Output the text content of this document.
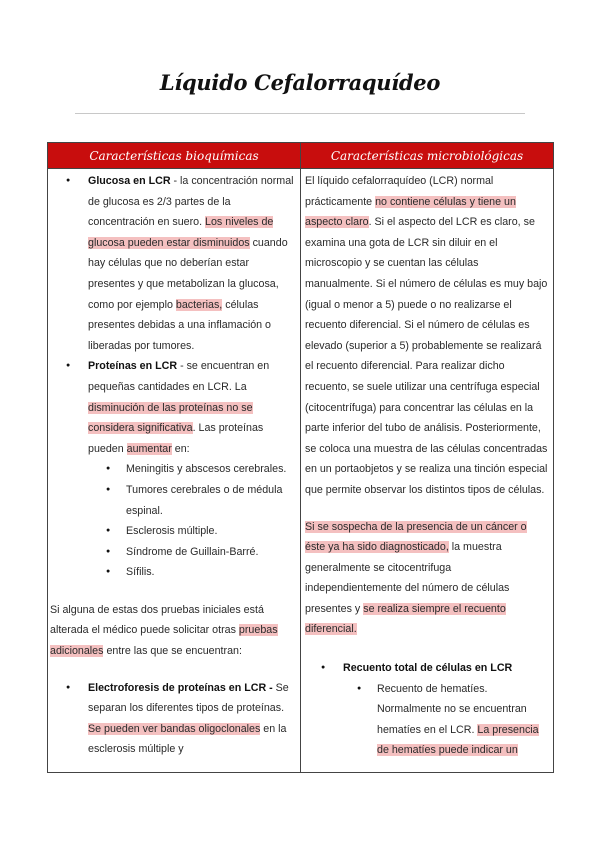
Líquido Cefalorraquídeo
Características bioquímicas	Características microbiológicas
● Glucosa en LCR - la concentración normal de glucosa es 2/3 partes de la concentración en suero. Los niveles de glucosa pueden estar disminuidos cuando hay células que no deberían estar presentes y que metabolizan la glucosa, como por ejemplo bacterias, células presentes debidas a una inflamación o liberadas por tumores.
● Proteínas en LCR - se encuentran en pequeñas cantidades en LCR. La disminución de las proteínas no se considera significativa. Las proteínas pueden aumentar en:
● Meningitis y abscesos cerebrales.
● Tumores cerebrales o de médula espinal.
● Esclerosis múltiple.
● Síndrome de Guillain-Barré.
● Sífilis.

Si alguna de estas dos pruebas iniciales está alterada el médico puede solicitar otras pruebas adicionales entre las que se encuentran:

● Electroforesis de proteínas en LCR - Se separan los diferentes tipos de proteínas. Se pueden ver bandas oligoclonales en la esclerosis múltiple y

El líquido cefalorraquídeo (LCR) normal prácticamente no contiene células y tiene un aspecto claro. Si el aspecto del LCR es claro, se examina una gota de LCR sin diluir en el microscopio y se cuentan las células manualmente. Si el número de células es muy bajo (igual o menor a 5) puede o no realizarse el recuento diferencial. Si el número de células es elevado (superior a 5) probablemente se realizará el recuento diferencial. Para realizar dicho recuento, se suele utilizar una centrífuga especial (citocentrífuga) para concentrar las células en la parte inferior del tubo de análisis. Posteriormente, se coloca una muestra de las células concentradas en un portaobjetos y se realiza una tinción especial que permite observar los distintos tipos de células.

Si se sospecha de la presencia de un cáncer o éste ya ha sido diagnosticado, la muestra generalmente se citocentrifuga independientemente del número de células presentes y se realiza siempre el recuento diferencial.

● Recuento total de células en LCR
● Recuento de hematíes. Normalmente no se encuentran hematíes en el LCR. La presencia de hematíes puede indicar un
